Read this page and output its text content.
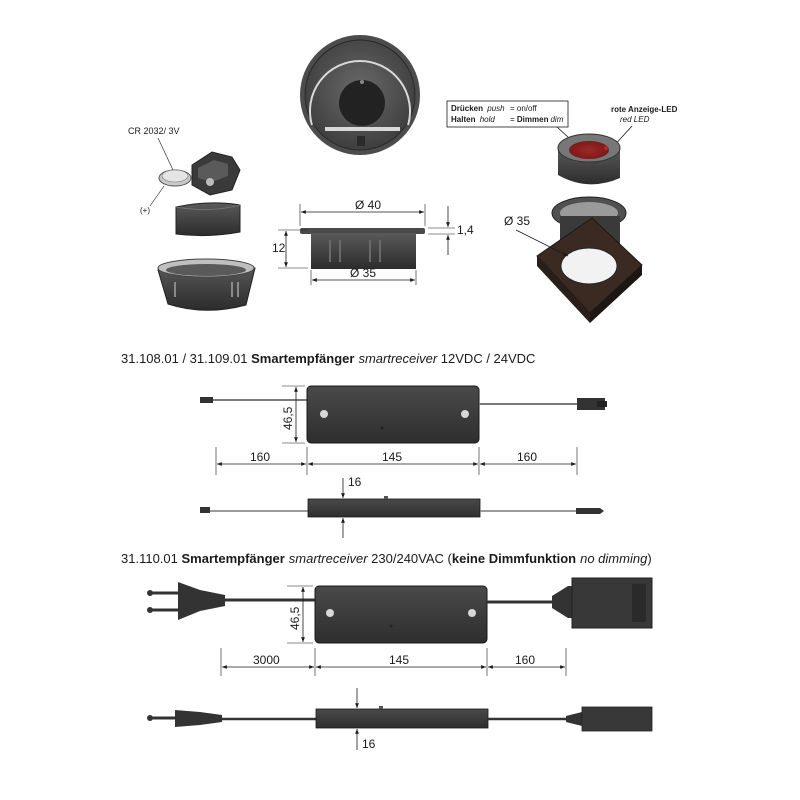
CR 2032/ 3V
(+)	Ø 40
Ø 35
12
1,4
Drücken push = on/off
Halten hold = Dimmen dim
rote Anzeige-LED
red LED
Ø 35
31.108.01 / 31.109.01 Smartempfänger smartreceiver 12VDC / 24VDC
46,5
160	145	160
16
31.110.01 Smartempfänger smartreceiver 230/240VAC (keine Dimmfunktion no dimming)
46,5
3000	145	160
16
